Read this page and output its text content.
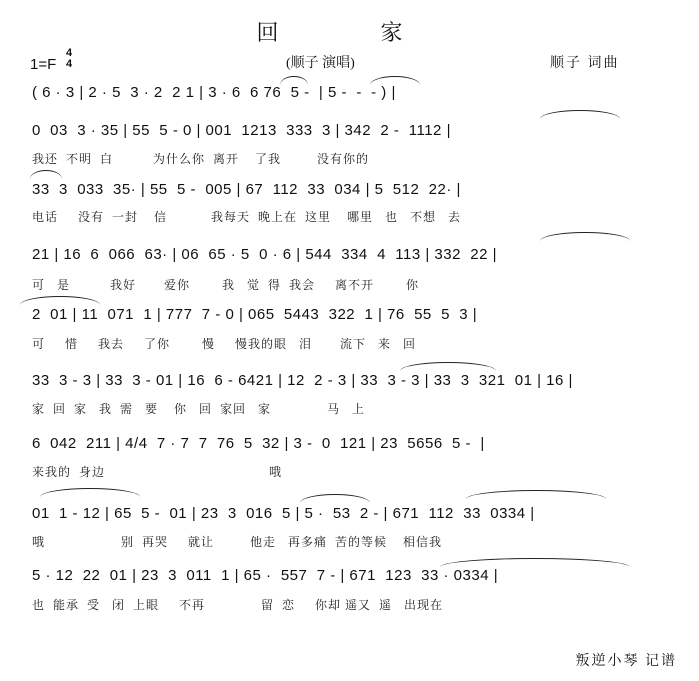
回　家
1=F
4
4	(顺子 演唱)	顺子 词曲
( 6 · 3 | 2 · 5  3 · 2  2 1 | 3 · 6  6 76  5 -  | 5 -  -  - ) |
0  03  3 · 35 | 55  5 - 0 | 001  1213  333  3 | 342  2 -  1112 |
我还  不明  白          为什么你  离开    了我         没有你的
33  3  033  35· | 55  5 -  005 | 67  112  33  034 | 5  512  22· |
电话     没有  一封    信           我每天  晚上在  这里    哪里   也   不想   去
21 | 16  6  066  63· | 06  65 · 5  0 · 6 | 544  334  4  113 | 332  22 |
可   是          我好       爱你        我   觉  得  我会     离不开        你
2  01 | 11  071  1 | 777  7 - 0 | 065  5443  322  1 | 76  55  5  3 |
可     惜     我去     了你        慢     慢我的眼   泪       流下   来   回
33  3 - 3 | 33  3 - 01 | 16  6 - 6421 | 12  2 - 3 | 33  3 - 3 | 33  3  321  01 | 16 |
家  回  家   我  需   要    你   回  家回   家              马   上
6  042  211 | 4/4  7 · 7  7  76  5  32 | 3 -  0  121 | 23  5656  5 -  |
来我的  身边                                         哦
01  1 - 12 | 65  5 -  01 | 23  3  016  5 | 5 ·  53  2 - | 671  112  33  0334 |
哦                   别  再哭     就让         他走   再多痛  苦的等候    相信我
5 · 12  22  01 | 23  3  011  1 | 65 ·  557  7 - | 671  123  33 · 0334 |
也  能承  受   闭  上眼     不再              留  恋     你却 遥又  遥   出现在
叛逆小琴 记谱
